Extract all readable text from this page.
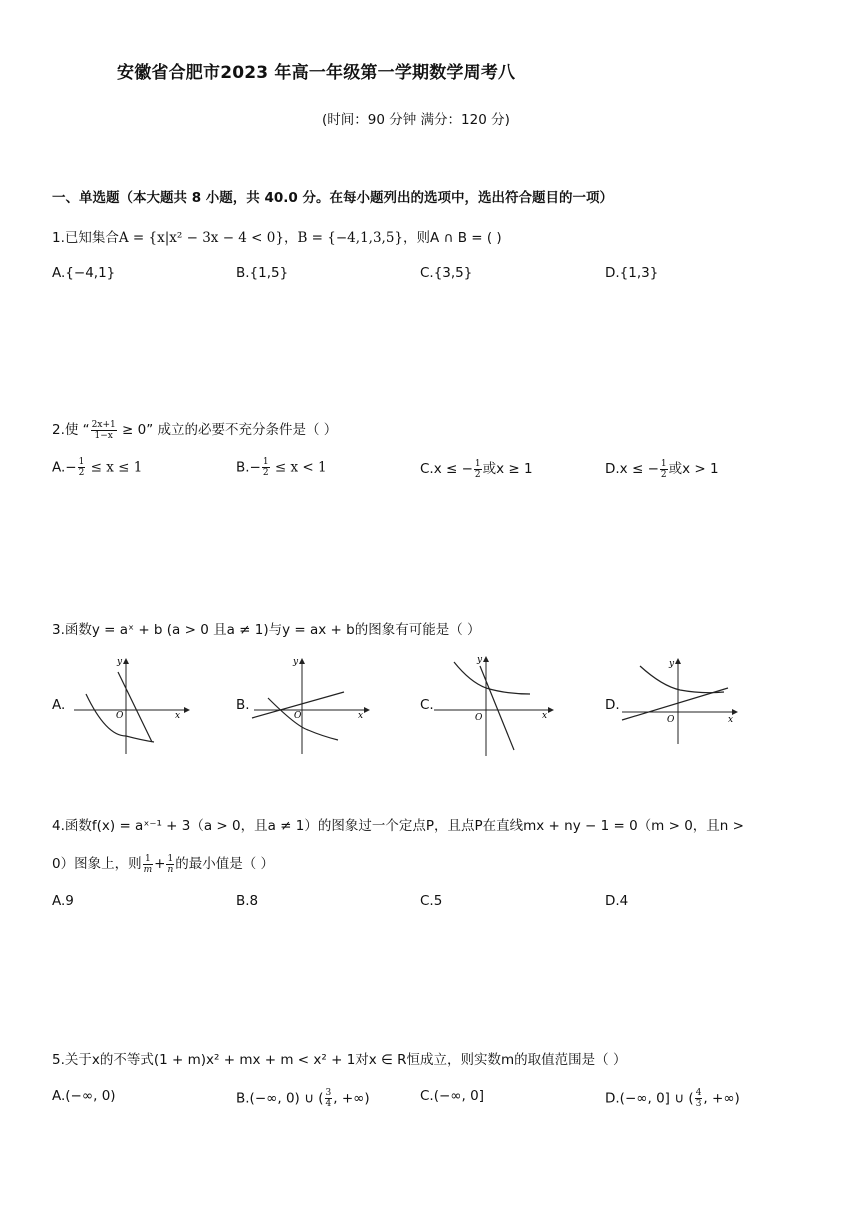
安徽省合肥市2023 年高一年级第一学期数学周考八
(时间：90 分钟 满分：120 分)
一、单选题（本大题共 8 小题，共 40.0 分。在每小题列出的选项中，选出符合题目的一项）
1.已知集合A = {x|x² − 3x − 4 < 0}，B = {−4,1,3,5}，则A ∩ B = ( )
A.{−4,1}	B.{1,5}	C.{3,5}	D.{1,3}
2.使 “ $\frac{2x+1}{1-x} \ge 0$” 成立的必要不充分条件是（ ）
$A.- \frac{1}{2} \le x \le 1$	$B.- \frac{1}{2} \le x < 1$	C.x ≤ − $\frac{1}{2}$ 或x ≥ 1	D.x ≤ − $\frac{1}{2}$ 或x > 1
3.函数y = aˣ + b (a > 0 且a ≠ 1)与y = ax + b的图象有可能是（ ）
A.
y
x
O
B.
y
x
O
C.
y
x
O
D.
y
x
O
4.函数f(x) = aˣ⁻¹ + 3（a > 0，且a ≠ 1）的图象过一个定点P，且点P在直线mx + ny − 1 = 0（m > 0，且n >
0）图象上，则 $\frac{1}{m} + \frac{1}{n}$ 的最小值是（ ）
A.9	B.8	C.5	D.4
5.关于x的不等式(1 + m)x² + mx + m < x² + 1对x ∈ R恒成立，则实数m的取值范围是（ ）
A.(−∞, 0)	B.(−∞, 0) ∪ ( $\frac{3}{4}$ , +∞)	C.(−∞, 0]	D.(−∞, 0] ∪ ( $\frac{4}{3}$ , +∞)
